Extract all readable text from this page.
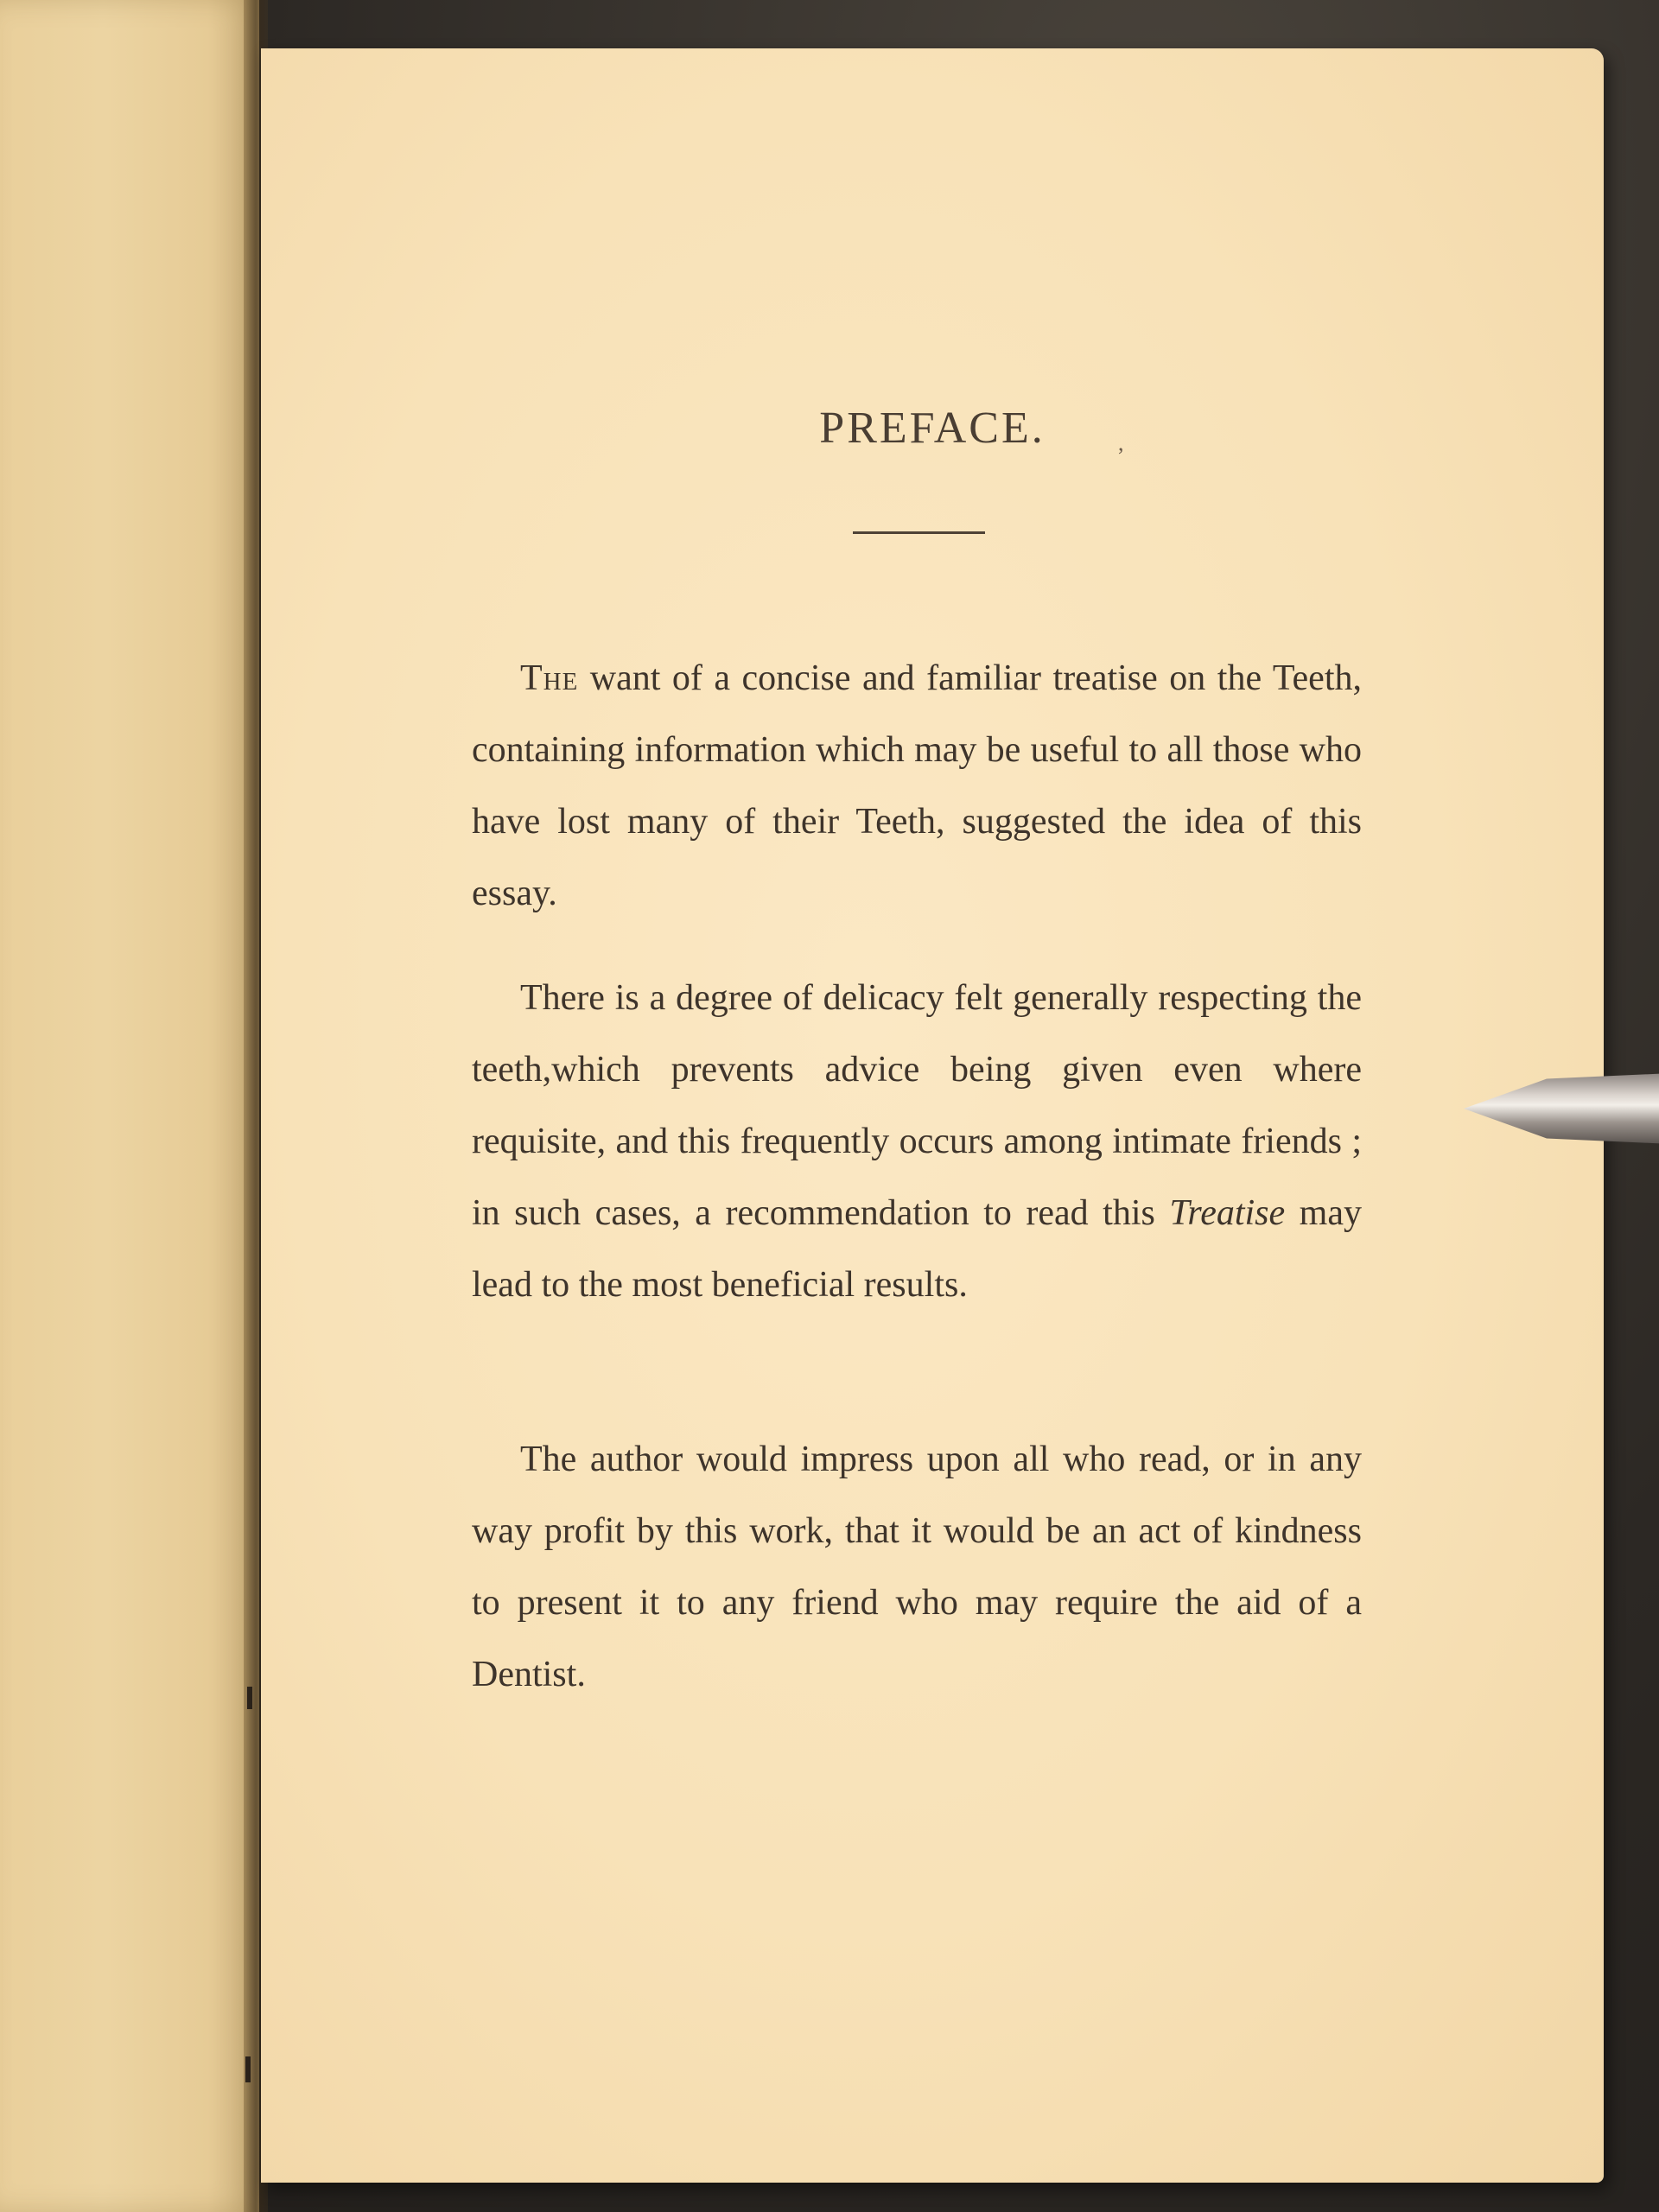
PREFACE.	,

The want of a concise and familiar treatise on the Teeth, containing information which may be useful to all those who have lost many of their Teeth, suggested the idea of this essay.

There is a degree of delicacy felt generally respecting the teeth,which prevents advice being given even where requisite, and this frequently occurs among intimate friends ; in such cases, a recommendation to read this Treatise may lead to the most beneficial results.

The author would impress upon all who read, or in any way profit by this work, that it would be an act of kindness to present it to any friend who may require the aid of a Dentist.
